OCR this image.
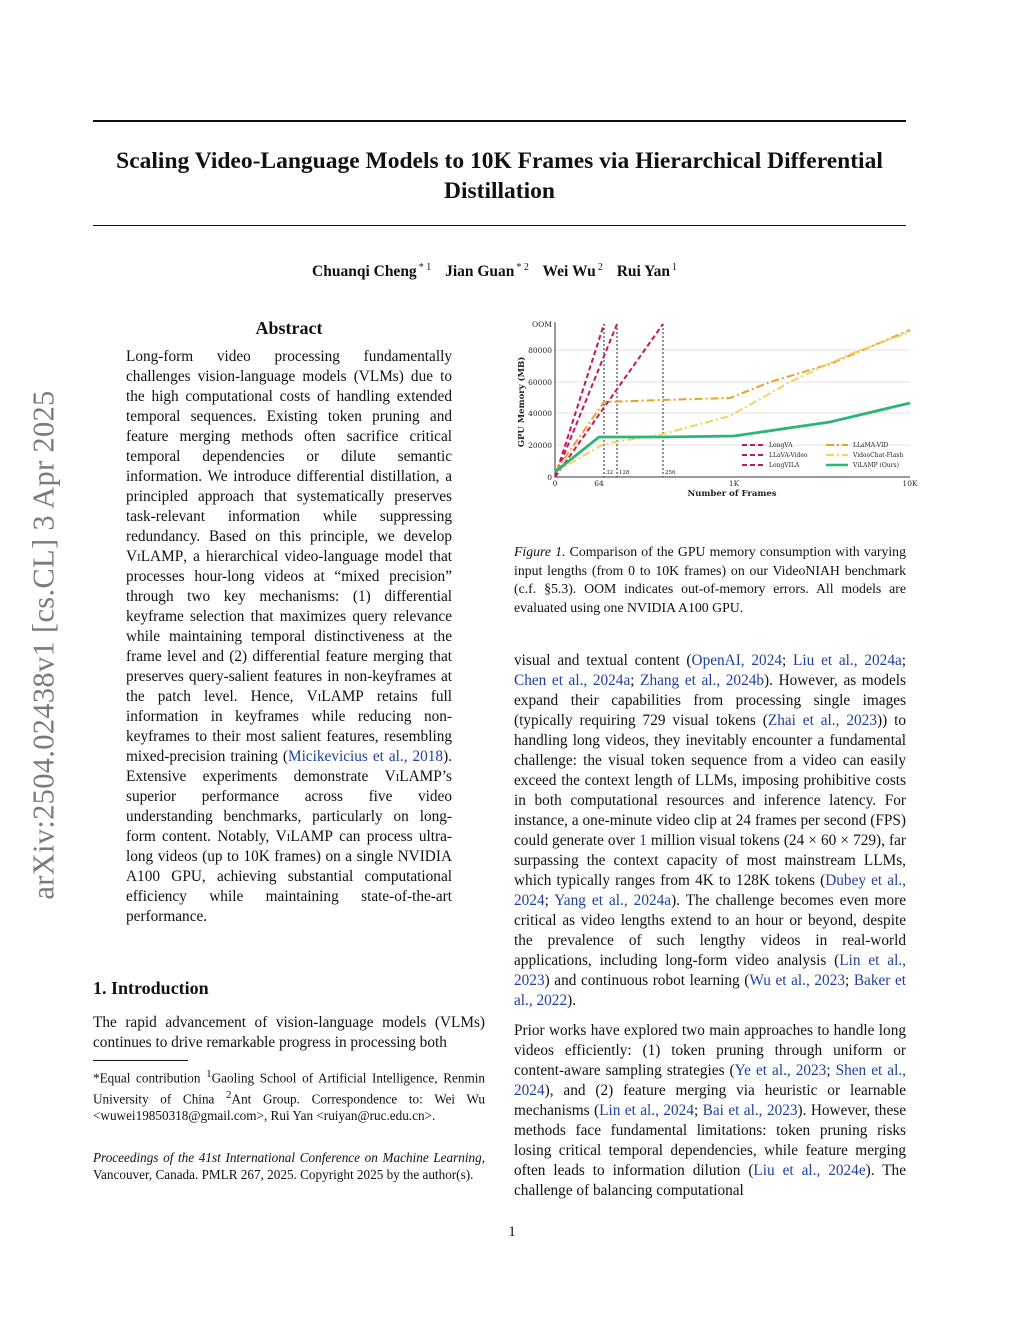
arXiv:2504.02438v1 [cs.CL] 3 Apr 2025
Scaling Video-Language Models to 10K Frames via Hierarchical Differential Distillation
Chuanqi Cheng $^{* 1}$ Jian Guan $^{* 2}$ Wei Wu $^2$ Rui Yan $^1$
Abstract
Long-form video processing fundamentally challenges vision-language models (VLMs) due to the high computational costs of handling extended temporal sequences. Existing token pruning and feature merging methods often sacrifice critical temporal dependencies or dilute semantic information. We introduce differential distillation, a principled approach that systematically preserves task-relevant information while suppressing redundancy. Based on this principle, we develop ViLAMP, a hierarchical video-language model that processes hour-long videos at “mixed precision” through two key mechanisms: (1) differential keyframe selection that maximizes query relevance while maintaining temporal distinctiveness at the frame level and (2) differential feature merging that preserves query-salient features in non-keyframes at the patch level. Hence, ViLAMP retains full information in keyframes while reducing non-keyframes to their most salient features, resembling mixed-precision training (Micikevicius et al., 2018). Extensive experiments demonstrate ViLAMP’s superior performance across five video understanding benchmarks, particularly on long-form content. Notably, ViLAMP can process ultra-long videos (up to 10K frames) on a single NVIDIA A100 GPU, achieving substantial computational efficiency while maintaining state-of-the-art performance.
1. Introduction
The rapid advancement of vision-language models (VLMs) continues to drive remarkable progress in processing both
*Equal contribution $^1$Gaoling School of Artificial Intelligence, Renmin University of China $^2$Ant Group. Correspondence to: Wei Wu <wuwei19850318@gmail.com>, Rui Yan <ruiyan@ruc.edu.cn>.
Proceedings of the 41st International Conference on Machine Learning, Vancouver, Canada. PMLR 267, 2025. Copyright 2025 by the author(s).
OOM
80000
60000
40000
20000
0
GPU Memory (MB)
0	64	1K	10K
Number of Frames
32 128	256
LongVA
LLaVA-Video
LongVILA
LLaMA-VID
VideoChat-Flash
ViLAMP (Ours)
Figure 1. Comparison of the GPU memory consumption with varying input lengths (from 0 to 10K frames) on our VideoNIAH benchmark (c.f. §5.3). OOM indicates out-of-memory errors. All models are evaluated using one NVIDIA A100 GPU.
visual and textual content (OpenAI, 2024; Liu et al., 2024a; Chen et al., 2024a; Zhang et al., 2024b). However, as models expand their capabilities from processing single images (typically requiring 729 visual tokens (Zhai et al., 2023)) to handling long videos, they inevitably encounter a fundamental challenge: the visual token sequence from a video can easily exceed the context length of LLMs, imposing prohibitive costs in both computational resources and inference latency. For instance, a one-minute video clip at 24 frames per second (FPS) could generate over 1 million visual tokens (24 × 60 × 729), far surpassing the context capacity of most mainstream LLMs, which typically ranges from 4K to 128K tokens (Dubey et al., 2024; Yang et al., 2024a). The challenge becomes even more critical as video lengths extend to an hour or beyond, despite the prevalence of such lengthy videos in real-world applications, including long-form video analysis (Lin et al., 2023) and continuous robot learning (Wu et al., 2023; Baker et al., 2022).
Prior works have explored two main approaches to handle long videos efficiently: (1) token pruning through uniform or content-aware sampling strategies (Ye et al., 2023; Shen et al., 2024), and (2) feature merging via heuristic or learnable mechanisms (Lin et al., 2024; Bai et al., 2023). However, these methods face fundamental limitations: token pruning risks losing critical temporal dependencies, while feature merging often leads to information dilution (Liu et al., 2024e). The challenge of balancing computational
1
